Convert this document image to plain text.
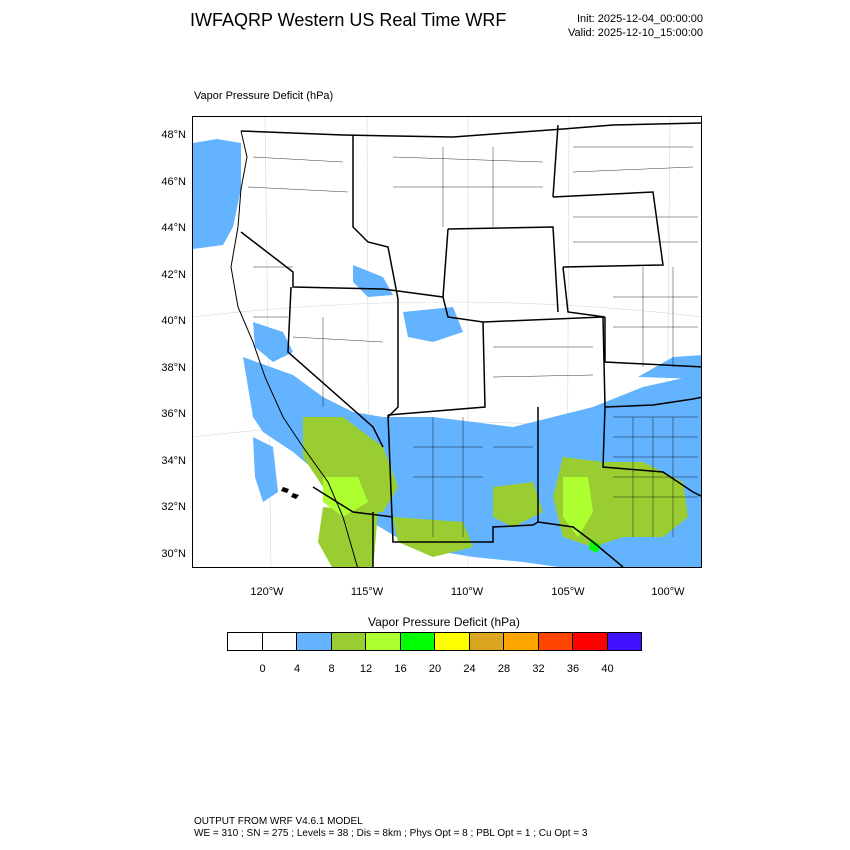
IWFAQRP Western US Real Time WRF	Init: 2025-12-04_00:00:00
Valid: 2025-12-10_15:00:00
Vapor Pressure Deficit (hPa)
48°N
46°N
44°N
42°N
40°N
38°N
36°N
34°N
32°N
30°N
120°W	115°W	110°W	105°W	100°W
Vapor Pressure Deficit (hPa)
0	4	8	12	16	20	24	28	32	36	40
OUTPUT FROM WRF V4.6.1 MODEL
WE = 310 ; SN = 275 ; Levels = 38 ; Dis = 8km ; Phys Opt = 8 ; PBL Opt = 1 ; Cu Opt = 3
